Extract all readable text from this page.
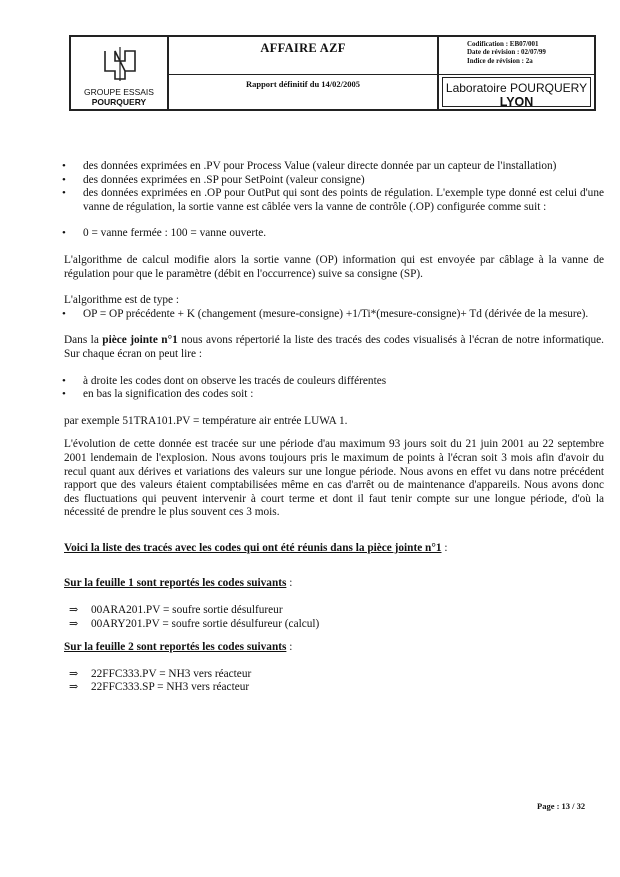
GROUPE ESSAIS
POURQUERY
AFFAIRE AZF
Rapport définitif du 14/02/2005
Codification : EB07/001
Date de révision : 02/07/99
Indice de révision : 2a
Laboratoire POURQUERY
LYON
• des données exprimées en .PV pour Process Value (valeur directe donnée par un capteur de l'installation)
• des données exprimées en .SP pour SetPoint (valeur consigne)
• des données exprimées en .OP pour OutPut qui sont des points de régulation. L'exemple type donné est celui d'une vanne de régulation, la sortie vanne est câblée vers la vanne de contrôle (.OP) configurée comme suit :
• 0 = vanne fermée : 100 = vanne ouverte.

L'algorithme de calcul modifie alors la sortie vanne (OP) information qui est envoyée par câblage à la vanne de régulation pour que le paramètre (débit en l'occurrence) suive sa consigne (SP).

L'algorithme est de type :

• OP = OP précédente + K (changement (mesure-consigne) +1/Ti*(mesure-consigne)+ Td (dérivée de la mesure).

Dans la pièce jointe n°1 nous avons répertorié la liste des tracés des codes visualisés à l'écran de notre informatique. Sur chaque écran on peut lire :

• à droite les codes dont on observe les tracés de couleurs différentes
• en bas la signification des codes soit :

par exemple 51TRA101.PV = température air entrée LUWA 1.

L'évolution de cette donnée est tracée sur une période d'au maximum 93 jours soit du 21 juin 2001 au 22 septembre 2001 lendemain de l'explosion. Nous avons toujours pris le maximum de points à l'écran soit 3 mois afin d'avoir du recul quant aux dérives et variations des valeurs sur une longue période. Nous avons en effet vu dans notre précédent rapport que des valeurs étaient comptabilisées même en cas d'arrêt ou de maintenance d'appareils. Nous avons donc des fluctuations qui peuvent intervenir à court terme et dont il faut tenir compte sur une longue période, d'où la nécessité de prendre le plus souvent ces 3 mois.

Voici la liste des tracés avec les codes qui ont été réunis dans la pièce jointe n°1 :

Sur la feuille 1 sont reportés les codes suivants :

⇒ 00ARA201.PV = soufre sortie désulfureur
⇒ 00ARY201.PV = soufre sortie désulfureur (calcul)

Sur la feuille 2 sont reportés les codes suivants :

⇒ 22FFC333.PV = NH3 vers réacteur
⇒ 22FFC333.SP = NH3 vers réacteur
Page : 13 / 32
